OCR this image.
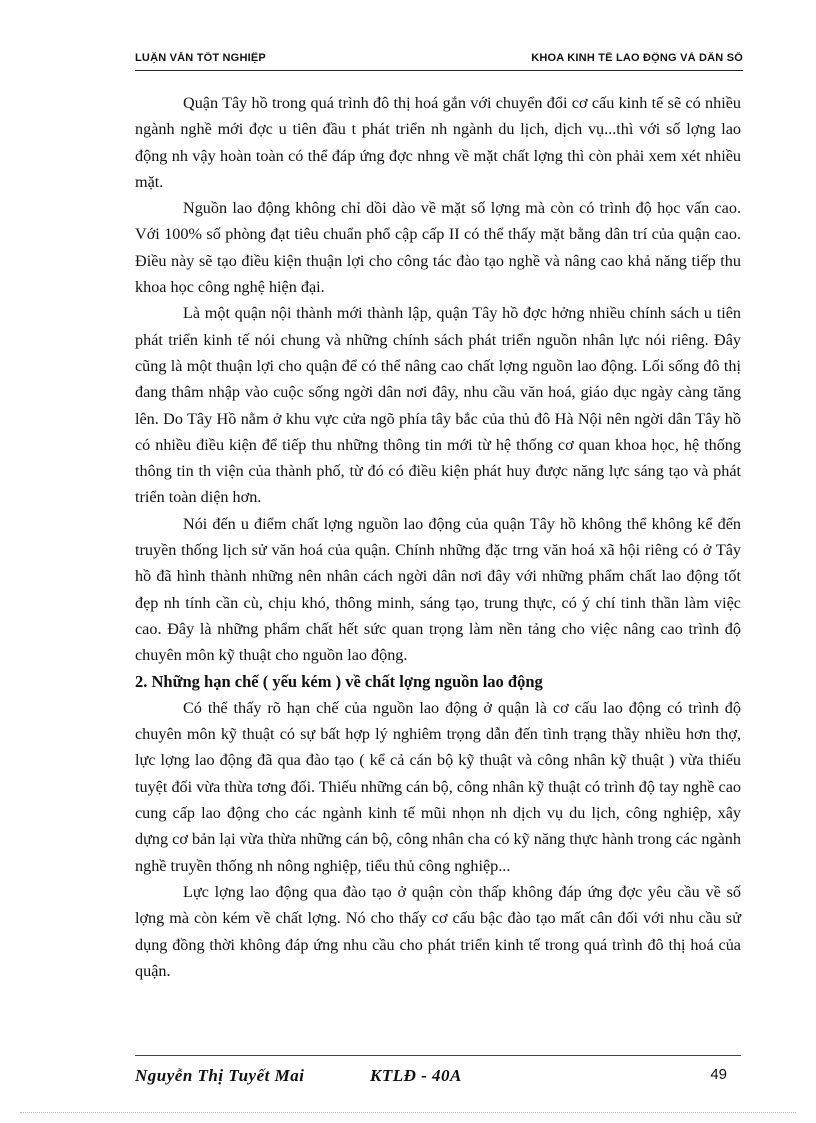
LUẬN VĂN TỐT NGHIỆP	KHOA KINH TẾ LAO ĐỘNG VÀ DÂN SỐ

Quận Tây hồ trong quá trình đô thị hoá gắn với chuyển đổi cơ cấu kinh tế sẽ có nhiều ngành nghề mới đợc u tiên đầu t phát triển nh ngành du lịch, dịch vụ...thì với số lợng lao động nh vậy hoàn toàn có thể đáp ứng đợc nhng về mặt chất lợng thì còn phải xem xét nhiều mặt.

Nguồn lao động không chỉ dồi dào về mặt số lợng mà còn có trình độ học vấn cao. Với 100% số phòng đạt tiêu chuẩn phổ cập cấp II có thể thấy mặt bằng dân trí của quận cao. Điều này sẽ tạo điều kiện thuận lợi cho công tác đào tạo nghề và nâng cao khả năng tiếp thu khoa học công nghệ hiện đại.

Là một quận nội thành mới thành lập, quận Tây hồ đợc hởng nhiều chính sách u tiên phát triển kinh tế nói chung và những chính sách phát triển nguồn nhân lực nói riêng. Đây cũng là một thuận lợi cho quận để có thể nâng cao chất lợng nguồn lao động. Lối sống đô thị đang thâm nhập vào cuộc sống ngời dân nơi đây, nhu cầu văn hoá, giáo dục ngày càng tăng lên. Do Tây Hồ nằm ở khu vực cửa ngõ phía tây bắc của thủ đô Hà Nội nên ngời dân Tây hồ có nhiều điều kiện để tiếp thu những thông tin mới từ hệ thống cơ quan khoa học, hệ thống thông tin th viện của thành phố, từ đó có điều kiện phát huy được năng lực sáng tạo và phát triển toàn diện hơn.

Nói đến u điểm chất lợng nguồn lao động của quận Tây hồ không thể không kể đến truyền thống lịch sử văn hoá của quận. Chính những đặc trng văn hoá xã hội riêng có ở Tây hồ đã hình thành những nên nhân cách ngời dân nơi đây với những phẩm chất lao động tốt đẹp nh tính cần cù, chịu khó, thông minh, sáng tạo, trung thực, có ý chí tinh thần làm việc cao. Đây là những phẩm chất hết sức quan trọng làm nền tảng cho việc nâng cao trình độ chuyên môn kỹ thuật cho nguồn lao động.

2. Những hạn chế ( yếu kém ) về chất lợng nguồn lao động

Có thể thấy rõ hạn chế của nguồn lao động ở quận là cơ cấu lao động có trình độ chuyên môn kỹ thuật có sự bất hợp lý nghiêm trọng dẫn đến tình trạng thầy nhiều hơn thợ, lực lợng lao động đã qua đào tạo ( kể cả cán bộ kỹ thuật và công nhân kỹ thuật ) vừa thiếu tuyệt đối vừa thừa tơng đối. Thiếu những cán bộ, công nhân kỹ thuật có trình độ tay nghề cao cung cấp lao động cho các ngành kinh tế mũi nhọn nh dịch vụ du lịch, công nghiệp, xây dựng cơ bản lại vừa thừa những cán bộ, công nhân cha có kỹ năng thực hành trong các ngành nghề truyền thống nh nông nghiệp, tiểu thủ công nghiệp...

Lực lợng lao động qua đào tạo ở quận còn thấp không đáp ứng đợc yêu cầu về số lợng mà còn kém về chất lợng. Nó cho thấy cơ cấu bậc đào tạo mất cân đối với nhu cầu sử dụng đồng thời không đáp ứng nhu cầu cho phát triển kinh tế trong quá trình đô thị hoá của quận.

Nguyễn Thị Tuyết Mai	KTLĐ - 40A	49
